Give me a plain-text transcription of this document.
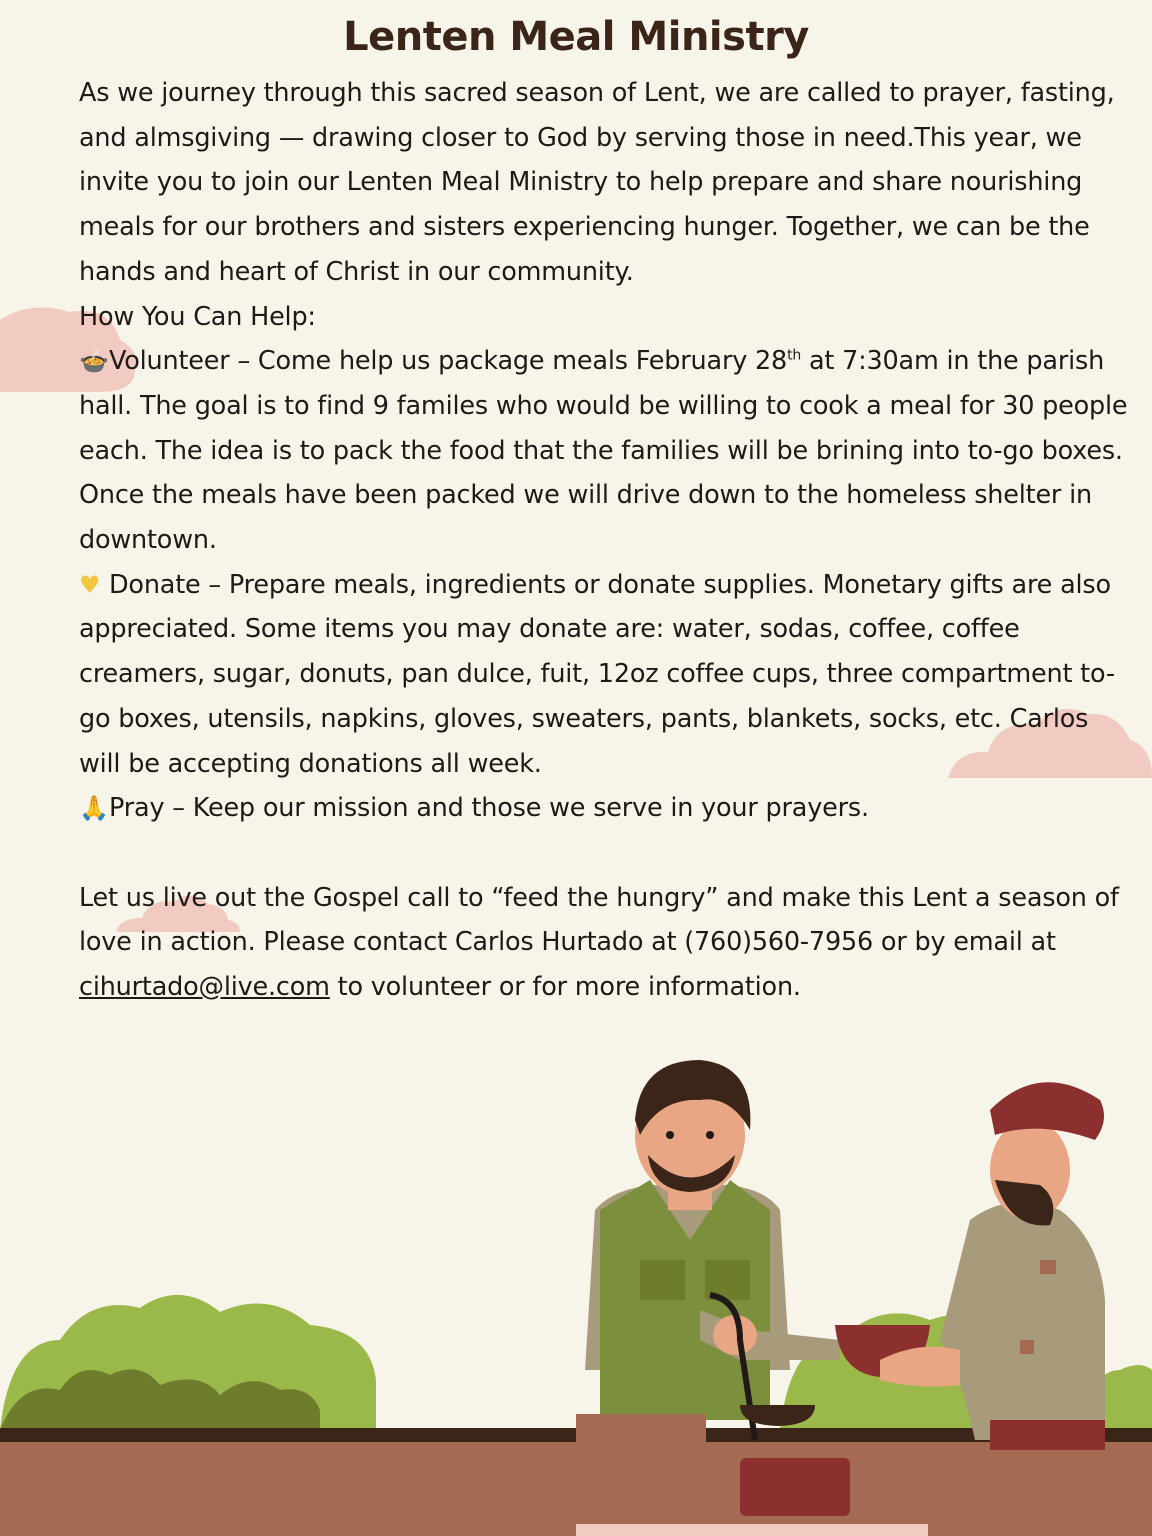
Lenten Meal Ministry

As we journey through this sacred season of Lent, we are called to prayer, fasting, and almsgiving — drawing closer to God by serving those in need.This year, we invite you to join our Lenten Meal Ministry to help prepare and share nourishing meals for our brothers and sisters experiencing hunger. Together, we can be the hands and heart of Christ in our community.

How You Can Help:

🍲Volunteer – Come help us package meals February 28th at 7:30am in the parish hall. The goal is to find 9 familes who would be willing to cook a meal for 30 people each. The idea is to pack the food that the families will be brining into to-go boxes. Once the meals have been packed we will drive down to the homeless shelter in downtown.

♥ Donate – Prepare meals, ingredients or donate supplies. Monetary gifts are also appreciated. Some items you may donate are: water, sodas, coffee, coffee creamers, sugar, donuts, pan dulce, fuit, 12oz coffee cups, three compartment to-go boxes, utensils, napkins, gloves, sweaters, pants, blankets, socks, etc. Carlos will be accepting donations all week.

🙏Pray – Keep our mission and those we serve in your prayers.

Let us live out the Gospel call to “feed the hungry” and make this Lent a season of love in action. Please contact Carlos Hurtado at (760)560-7956 or by email at cihurtado@live.com to volunteer or for more information.
